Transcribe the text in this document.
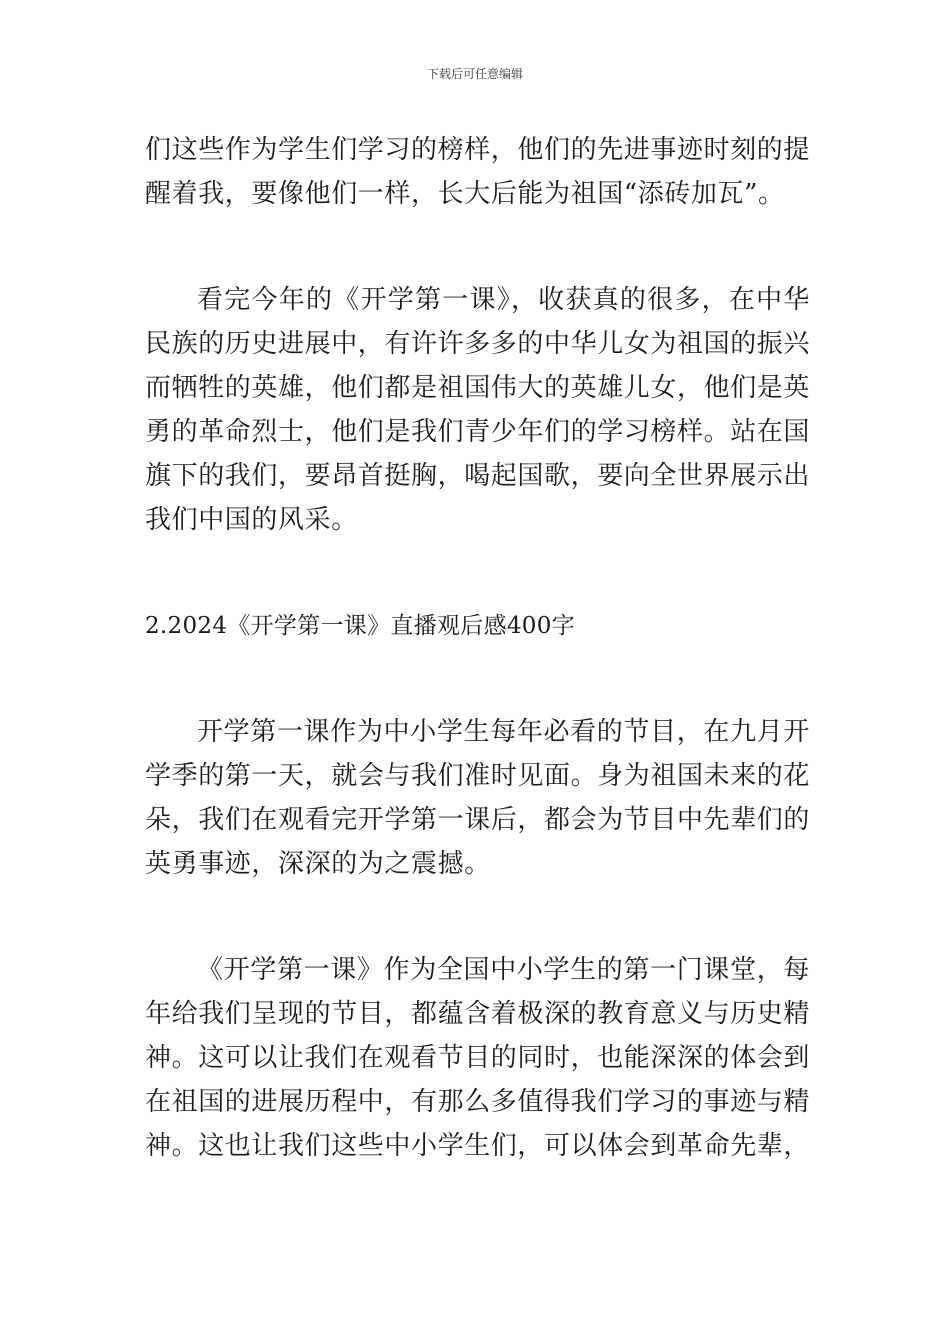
下载后可任意编辑

们这些作为学生们学习的榜样，他们的先进事迹时刻的提醒着我，要像他们一样，长大后能为祖国“添砖加瓦”。

看完今年的《开学第一课》，收获真的很多，在中华民族的历史进展中，有许许多多的中华儿女为祖国的振兴而牺牲的英雄，他们都是祖国伟大的英雄儿女，他们是英勇的革命烈士，他们是我们青少年们的学习榜样。站在国旗下的我们，要昂首挺胸，喝起国歌，要向全世界展示出我们中国的风采。

2.2024《开学第一课》直播观后感400字

开学第一课作为中小学生每年必看的节目，在九月开学季的第一天，就会与我们准时见面。身为祖国未来的花朵，我们在观看完开学第一课后，都会为节目中先辈们的英勇事迹，深深的为之震撼。

《开学第一课》作为全国中小学生的第一门课堂，每年给我们呈现的节目，都蕴含着极深的教育意义与历史精神。这可以让我们在观看节目的同时，也能深深的体会到在祖国的进展历程中，有那么多值得我们学习的事迹与精神。这也让我们这些中小学生们，可以体会到革命先辈，
